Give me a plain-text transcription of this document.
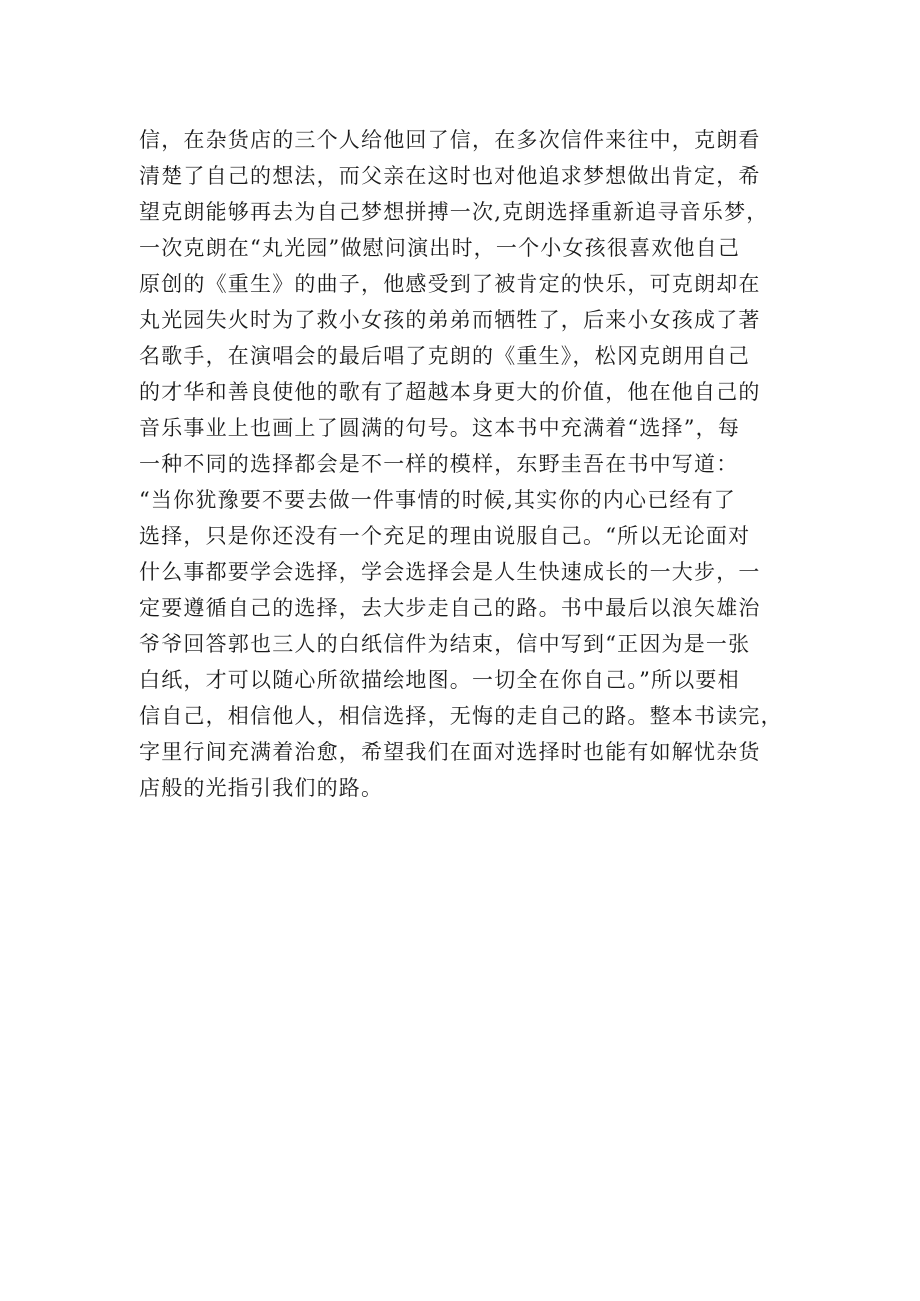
信，在杂货店的三个人给他回了信，在多次信件来往中，克朗看
清楚了自己的想法，而父亲在这时也对他追求梦想做出肯定，希
望克朗能够再去为自己梦想拼搏一次,克朗选择重新追寻音乐梦，
一次克朗在“丸光园”做慰问演出时，一个小女孩很喜欢他自己
原创的《重生》的曲子，他感受到了被肯定的快乐，可克朗却在
丸光园失火时为了救小女孩的弟弟而牺牲了，后来小女孩成了著
名歌手，在演唱会的最后唱了克朗的《重生》，松冈克朗用自己
的才华和善良使他的歌有了超越本身更大的价值，他在他自己的
音乐事业上也画上了圆满的句号。这本书中充满着“选择”，每
一种不同的选择都会是不一样的模样，东野圭吾在书中写道：
“当你犹豫要不要去做一件事情的时候,其实你的内心已经有了
选择，只是你还没有一个充足的理由说服自己。“所以无论面对
什么事都要学会选择，学会选择会是人生快速成长的一大步，一
定要遵循自己的选择，去大步走自己的路。书中最后以浪矢雄治
爷爷回答郭也三人的白纸信件为结束，信中写到“正因为是一张
白纸，才可以随心所欲描绘地图。一切全在你自己。”所以要相
信自己，相信他人，相信选择，无悔的走自己的路。整本书读完，
字里行间充满着治愈，希望我们在面对选择时也能有如解忧杂货
店般的光指引我们的路。
